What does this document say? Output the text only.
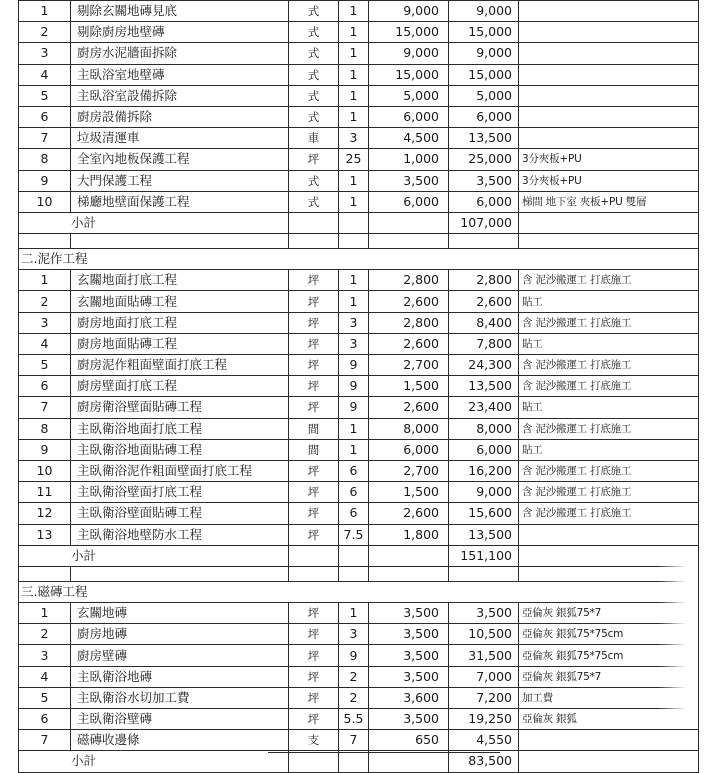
1	剔除玄關地磚見底	式	1	9,000	9,000	
2	剔除廚房地壁磚	式	1	15,000	15,000	
3	廚房水泥牆面拆除	式	1	9,000	9,000	
4	主臥浴室地壁磚	式	1	15,000	15,000	
5	主臥浴室設備拆除	式	1	5,000	5,000	
6	廚房設備拆除	式	1	6,000	6,000	
7	垃圾清運車	車	3	4,500	13,500	
8	全室內地板保護工程	坪	25	1,000	25,000	3分夾板+PU
9	大門保護工程	式	1	3,500	3,500	3分夾板+PU
10	梯廳地壁面保護工程	式	1	6,000	6,000	梯間 地下室 夾板+PU 雙層
小計					107,000	

二.泥作工程						
1	玄關地面打底工程	坪	1	2,800	2,800	含 泥沙搬運工 打底施工
2	玄關地面貼磚工程	坪	1	2,600	2,600	貼工
3	廚房地面打底工程	坪	3	2,800	8,400	含 泥沙搬運工 打底施工
4	廚房地面貼磚工程	坪	3	2,600	7,800	貼工
5	廚房泥作粗面壁面打底工程	坪	9	2,700	24,300	含 泥沙搬運工 打底施工
6	廚房壁面打底工程	坪	9	1,500	13,500	含 泥沙搬運工 打底施工
7	廚房衛浴壁面貼磚工程	坪	9	2,600	23,400	貼工
8	主臥衛浴地面打底工程	間	1	8,000	8,000	含 泥沙搬運工 打底施工
9	主臥衛浴地面貼磚工程	間	1	6,000	6,000	貼工
10	主臥衛浴泥作粗面壁面打底工程	坪	6	2,700	16,200	含 泥沙搬運工 打底施工
11	主臥衛浴壁面打底工程	坪	6	1,500	9,000	含 泥沙搬運工 打底施工
12	主臥衛浴壁面貼磚工程	坪	6	2,600	15,600	含 泥沙搬運工 打底施工
13	主臥衛浴地壁防水工程	坪	7.5	1,800	13,500	
小計					151,100	

三.磁磚工程						
1	玄關地磚	坪	1	3,500	3,500	亞倫灰 銀狐75*7
2	廚房地磚	坪	3	3,500	10,500	亞倫灰 銀狐75*75cm
3	廚房壁磚	坪	9	3,500	31,500	亞倫灰 銀狐75*75cm
4	主臥衛浴地磚	坪	2	3,500	7,000	亞倫灰 銀狐75*7
5	主臥衛浴水切加工費	坪	2	3,600	7,200	加工費
6	主臥衛浴壁磚	坪	5.5	3,500	19,250	亞倫灰 銀狐
7	磁磚收邊條	支	7	650	4,550	
小計					83,500	
